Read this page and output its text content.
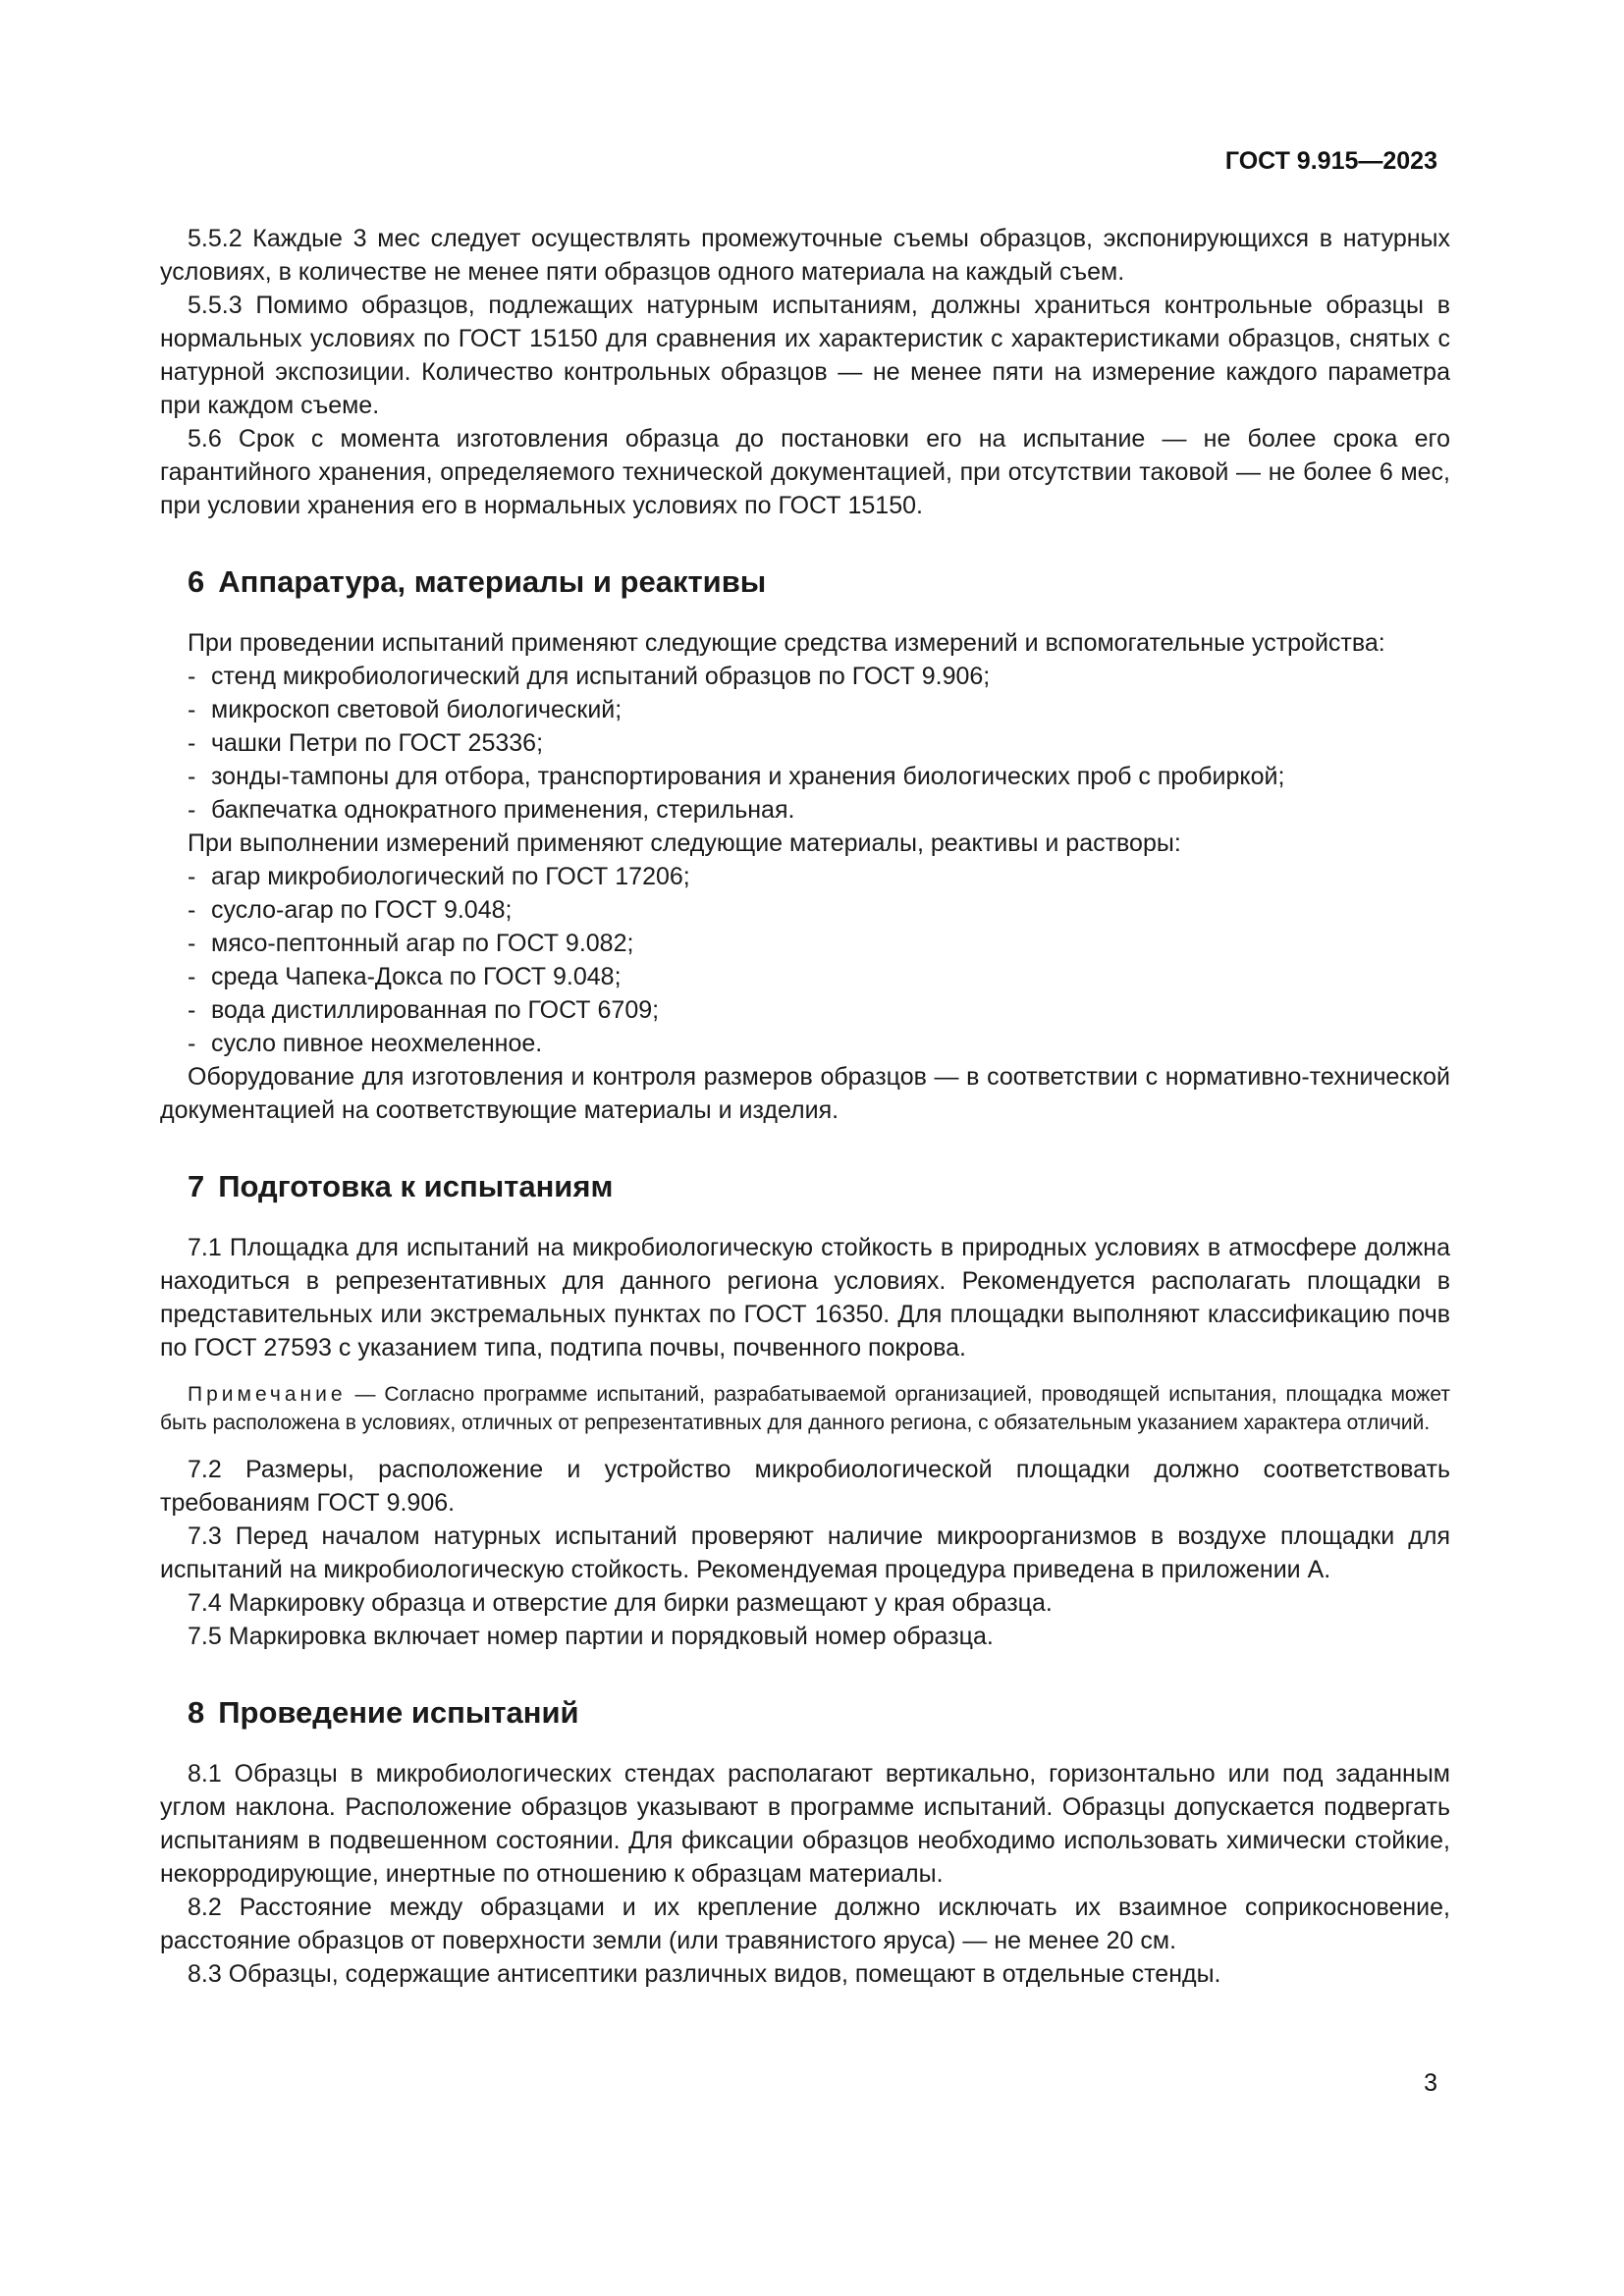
ГОСТ 9.915—2023

5.5.2 Каждые 3 мес следует осуществлять промежуточные съемы образцов, экспонирующихся в натурных условиях, в количестве не менее пяти образцов одного материала на каждый съем.

5.5.3 Помимо образцов, подлежащих натурным испытаниям, должны храниться контрольные образцы в нормальных условиях по ГОСТ 15150 для сравнения их характеристик с характеристиками образцов, снятых с натурной экспозиции. Количество контрольных образцов — не менее пяти на измерение каждого параметра при каждом съеме.

5.6 Срок с момента изготовления образца до постановки его на испытание — не более срока его гарантийного хранения, определяемого технической документацией, при отсутствии таковой — не более 6 мес, при условии хранения его в нормальных условиях по ГОСТ 15150.

6 Аппаратура, материалы и реактивы

При проведении испытаний применяют следующие средства измерений и вспомогательные устройства:

- стенд микробиологический для испытаний образцов по ГОСТ 9.906;
- микроскоп световой биологический;
- чашки Петри по ГОСТ 25336;
- зонды-тампоны для отбора, транспортирования и хранения биологических проб с пробиркой;
- бакпечатка однократного применения, стерильная.
При выполнении измерений применяют следующие материалы, реактивы и растворы:
- агар микробиологический по ГОСТ 17206;
- сусло-агар по ГОСТ 9.048;
- мясо-пептонный агар по ГОСТ 9.082;
- среда Чапека-Докса по ГОСТ 9.048;
- вода дистиллированная по ГОСТ 6709;
- сусло пивное неохмеленное.

Оборудование для изготовления и контроля размеров образцов — в соответствии с нормативно-технической документацией на соответствующие материалы и изделия.

7 Подготовка к испытаниям

7.1 Площадка для испытаний на микробиологическую стойкость в природных условиях в атмосфере должна находиться в репрезентативных для данного региона условиях. Рекомендуется располагать площадки в представительных или экстремальных пунктах по ГОСТ 16350. Для площадки выполняют классификацию почв по ГОСТ 27593 с указанием типа, подтипа почвы, почвенного покрова.

Примечание — Согласно программе испытаний, разрабатываемой организацией, проводящей испытания, площадка может быть расположена в условиях, отличных от репрезентативных для данного региона, с обязательным указанием характера отличий.

7.2 Размеры, расположение и устройство микробиологической площадки должно соответствовать требованиям ГОСТ 9.906.

7.3 Перед началом натурных испытаний проверяют наличие микроорганизмов в воздухе площадки для испытаний на микробиологическую стойкость. Рекомендуемая процедура приведена в приложении А.

7.4 Маркировку образца и отверстие для бирки размещают у края образца.

7.5 Маркировка включает номер партии и порядковый номер образца.

8 Проведение испытаний

8.1 Образцы в микробиологических стендах располагают вертикально, горизонтально или под заданным углом наклона. Расположение образцов указывают в программе испытаний. Образцы допускается подвергать испытаниям в подвешенном состоянии. Для фиксации образцов необходимо использовать химически стойкие, некорродирующие, инертные по отношению к образцам материалы.

8.2 Расстояние между образцами и их крепление должно исключать их взаимное соприкосновение, расстояние образцов от поверхности земли (или травянистого яруса) — не менее 20 см.

8.3 Образцы, содержащие антисептики различных видов, помещают в отдельные стенды.

3
